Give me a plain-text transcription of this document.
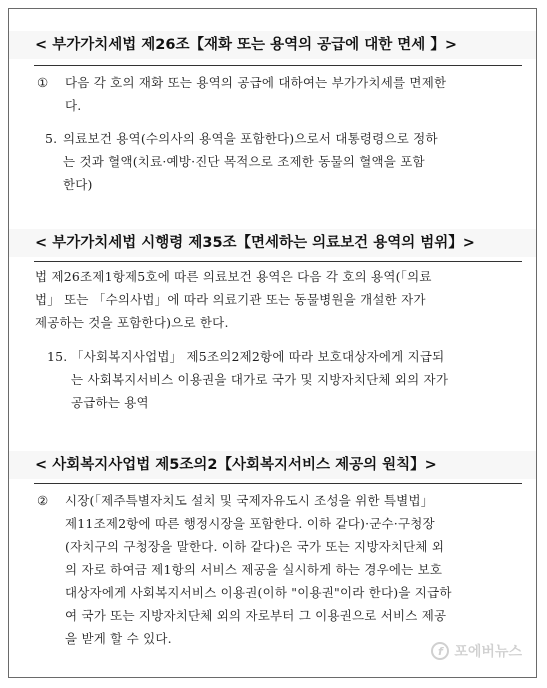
< 부가가치세법 제26조【재화 또는 용역의 공급에 대한 면세 】>
①	다음 각 호의 재화 또는 용역의 공급에 대하여는 부가가치세를 면제한
다.
5. 의료보건 용역(수의사의 용역을 포함한다)으로서 대통령령으로 정하
는 것과 혈액(치료·예방·진단 목적으로 조제한 동물의 혈액을 포함
한다)
< 부가가치세법 시행령 제35조【면세하는 의료보건 용역의 범위】>
법 제26조제1항제5호에 따른 의료보건 용역은 다음 각 호의 용역(「의료
법」 또는 「수의사법」에 따라 의료기관 또는 동물병원을 개설한 자가
제공하는 것을 포함한다)으로 한다.
15. 「사회복지사업법」 제5조의2제2항에 따라 보호대상자에게 지급되
는 사회복지서비스 이용권을 대가로 국가 및 지방자치단체 외의 자가
공급하는 용역
< 사회복지사업법 제5조의2【사회복지서비스 제공의 원칙】>
②	시장(「제주특별자치도 설치 및 국제자유도시 조성을 위한 특별법」
제11조제2항에 따른 행정시장을 포함한다. 이하 같다)·군수·구청장
(자치구의 구청장을 말한다. 이하 같다)은 국가 또는 지방자치단체 외
의 자로 하여금 제1항의 서비스 제공을 실시하게 하는 경우에는 보호
대상자에게 사회복지서비스 이용권(이하 "이용권"이라 한다)을 지급하
여 국가 또는 지방자치단체 외의 자로부터 그 이용권으로 서비스 제공
을 받게 할 수 있다.
f 포에버뉴스
